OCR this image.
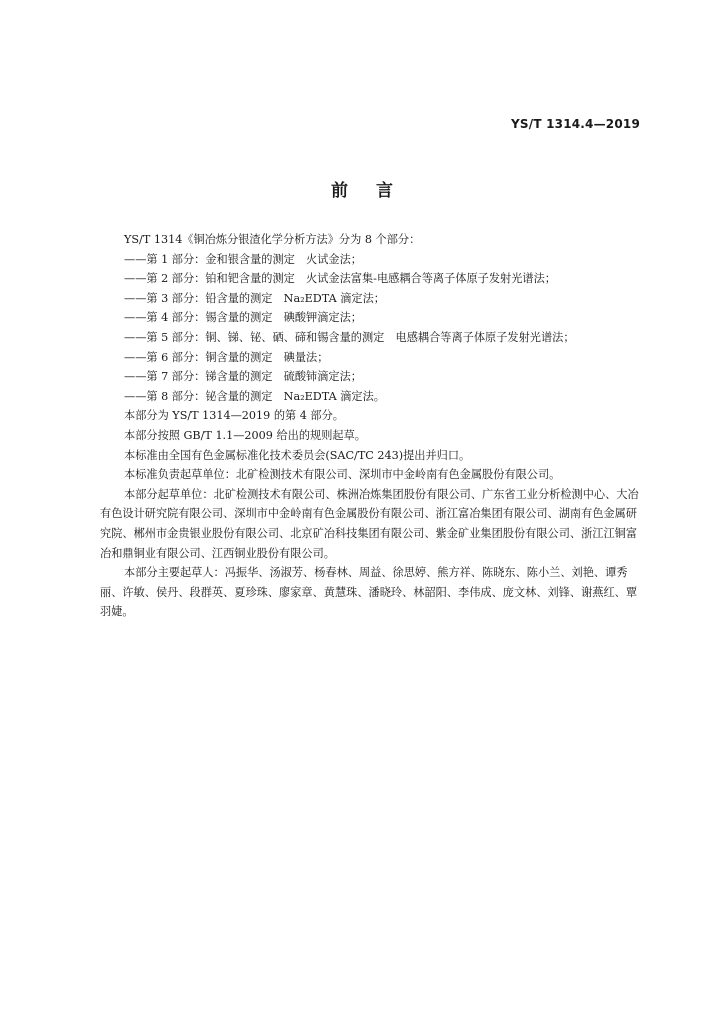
YS/T 1314.4—2019
前言

YS/T 1314《铜冶炼分银渣化学分析方法》分为 8 个部分：

——第 1 部分：金和银含量的测定　火试金法；

——第 2 部分：铂和钯含量的测定　火试金法富集-电感耦合等离子体原子发射光谱法；

——第 3 部分：铅含量的测定　Na₂EDTA 滴定法；

——第 4 部分：锡含量的测定　碘酸钾滴定法；

——第 5 部分：铜、锑、铋、硒、碲和锡含量的测定　电感耦合等离子体原子发射光谱法；

——第 6 部分：铜含量的测定　碘量法；

——第 7 部分：锑含量的测定　硫酸铈滴定法；

——第 8 部分：铋含量的测定　Na₂EDTA 滴定法。

本部分为 YS/T 1314—2019 的第 4 部分。

本部分按照 GB/T 1.1—2009 给出的规则起草。

本标准由全国有色金属标准化技术委员会(SAC/TC 243)提出并归口。

本标准负责起草单位：北矿检测技术有限公司、深圳市中金岭南有色金属股份有限公司。

本部分起草单位：北矿检测技术有限公司、株洲冶炼集团股份有限公司、广东省工业分析检测中心、大冶有色设计研究院有限公司、深圳市中金岭南有色金属股份有限公司、浙江富冶集团有限公司、湖南有色金属研究院、郴州市金贵银业股份有限公司、北京矿冶科技集团有限公司、紫金矿业集团股份有限公司、浙江江铜富冶和鼎铜业有限公司、江西铜业股份有限公司。

本部分主要起草人：冯振华、汤淑芳、杨春林、周益、徐思婷、熊方祥、陈晓东、陈小兰、刘艳、谭秀丽、许敏、侯丹、段群英、夏珍珠、廖家章、黄慧珠、潘晓玲、林韶阳、李伟成、庞文林、刘锋、谢燕红、覃羽婕。
